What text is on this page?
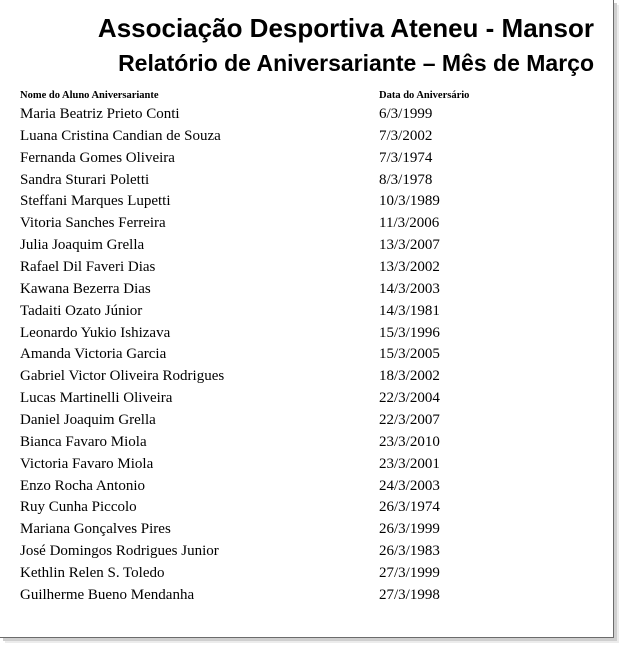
Associação Desportiva Ateneu - Mansor
Relatório de Aniversariante – Mês de Março
Nome do Aluno Aniversariante	Data do Aniversário
Maria Beatriz Prieto Conti	6/3/1999
Luana Cristina Candian de Souza	7/3/2002
Fernanda Gomes Oliveira	7/3/1974
Sandra Sturari Poletti	8/3/1978
Steffani Marques Lupetti	10/3/1989
Vitoria Sanches Ferreira	11/3/2006
Julia Joaquim Grella	13/3/2007
Rafael Dil Faveri Dias	13/3/2002
Kawana Bezerra Dias	14/3/2003
Tadaiti Ozato Júnior	14/3/1981
Leonardo Yukio Ishizava	15/3/1996
Amanda Victoria Garcia	15/3/2005
Gabriel Victor Oliveira Rodrigues	18/3/2002
Lucas Martinelli Oliveira	22/3/2004
Daniel Joaquim Grella	22/3/2007
Bianca Favaro Miola	23/3/2010
Victoria Favaro Miola	23/3/2001
Enzo Rocha Antonio	24/3/2003
Ruy Cunha Piccolo	26/3/1974
Mariana Gonçalves Pires	26/3/1999
José Domingos Rodrigues Junior	26/3/1983
Kethlin Relen S. Toledo	27/3/1999
Guilherme Bueno Mendanha	27/3/1998
